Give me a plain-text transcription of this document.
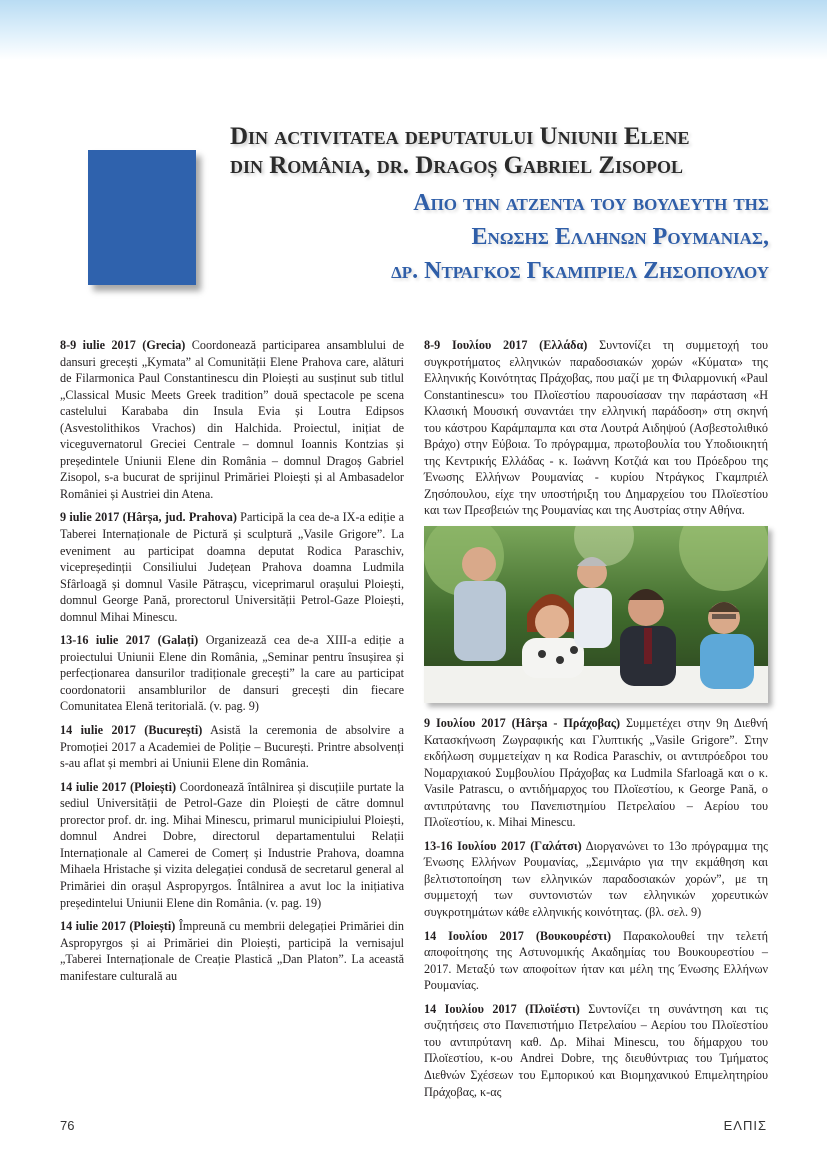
Din activitatea deputatului Uniunii Elene
din România, dr. Dragoș Gabriel Zisopol
Απο την ατζεντα του βουλευτη της
Ενωσης Ελληνων Ρουμανιας,
δρ. Ντραγκος Γκαμπριελ Ζησοπουλου

8-9 iulie 2017 (Grecia) Coordonează participarea ansamblului de dansuri grecești „Kymata” al Comunității Elene Prahova care, alături de Filarmonica Paul Constantinescu din Ploiești au susținut sub titlul „Classical Music Meets Greek tradition” două spectacole pe scena castelului Karababa din Insula Evia și Loutra Edipsos (Asvestolithikos Vrachos) din Halchida. Proiectul, inițiat de viceguvernatorul Greciei Centrale – domnul Ioannis Kontzias și președintele Uniunii Elene din România – domnul Dragoș Gabriel Zisopol, s-a bucurat de sprijinul Primăriei Ploiești și al Ambasadelor României și Austriei din Atena.

9 iulie 2017 (Hârșa, jud. Prahova) Participă la cea de-a IX-a ediție a Taberei Internaționale de Pictură și sculptură „Vasile Grigore”. La eveniment au participat doamna deputat Rodica Paraschiv, vicepreședinții Consiliului Județean Prahova doamna Ludmila Sfârloagă și domnul Vasile Pătrașcu, viceprimarul orașului Ploiești, domnul George Pană, prorectorul Universității Petrol-Gaze Ploiești, domnul Mihai Minescu.

13-16 iulie 2017 (Galați) Organizează cea de-a XIII-a ediție a proiectului Uniunii Elene din România, „Seminar pentru însușirea și perfecționarea dansurilor tradiționale grecești” la care au participat coordonatorii ansamblurilor de dansuri grecești din fiecare Comunitatea Elenă teritorială. (v. pag. 9)

14 iulie 2017 (București) Asistă la ceremonia de absolvire a Promoției 2017 a Academiei de Poliție – București. Printre absolvenți s-au aflat și membri ai Uniunii Elene din România.

14 iulie 2017 (Ploiești) Coordonează întâlnirea și discuțiile purtate la sediul Universității de Petrol-Gaze din Ploiești de către domnul prorector prof. dr. ing. Mihai Minescu, primarul municipiului Ploiești, domnul Andrei Dobre, directorul departamentului Relații Internaționale al Camerei de Comerț și Industrie Prahova, doamna Mihaela Hristache și vizita delegației condusă de secretarul general al Primăriei din orașul Aspropyrgos. Întâlnirea a avut loc la inițiativa președintelui Uniunii Elene din România. (v. pag. 19)

14 iulie 2017 (Ploiești) Împreună cu membrii delegației Primăriei din Aspropyrgos și ai Primăriei din Ploiești, participă la vernisajul „Taberei Internaționale de Creație Plastică „Dan Platon”. La această manifestare culturală au

8-9 Ιουλίου 2017 (Ελλάδα) Συντονίζει τη συμμετοχή του συγκροτήματος ελληνικών παραδοσιακών χορών «Κύματα» της Ελληνικής Κοινότητας Πράχοβας, που μαζί με τη Φιλαρμονική «Paul Constantinescu» του Πλοϊεστίου παρουσίασαν την παράσταση «Η Κλασική Μουσική συναντάει την ελληνική παράδοση» στη σκηνή του κάστρου Καράμπαμπα και στα Λουτρά Αιδηψού (Ασβεστολιθικό Βράχο) στην Εύβοια. Το πρόγραμμα, πρωτοβουλία του Υποδιοικητή της Κεντρικής Ελλάδας - κ. Ιωάννη Κοτζιά και του Πρόεδρου της Ένωσης Ελλήνων Ρουμανίας - κυρίου Ντράγκος Γκαμπριέλ Ζησόπουλου, είχε την υποστήριξη του Δημαρχείου του Πλοϊεστίου και των Πρεσβειών της Ρουμανίας και της Αυστρίας στην Αθήνα.

9 Ιουλίου 2017 (Hârșa - Πράχοβας) Συμμετέχει στην 9η Διεθνή Κατασκήνωση Ζωγραφικής και Γλυπτικής „Vasile Grigore”. Στην εκδήλωση συμμετείχαν η κα Rodica Paraschiv, οι αντιπρόεδροι του Νομαρχιακού Συμβουλίου Πράχοβας κα Ludmila Sfarloagă και ο κ. Vasile Patrascu, ο αντιδήμαρχος του Πλοϊεστίου, κ George Pană, ο αντιπρύτανης του Πανεπιστημίου Πετρελαίου – Αερίου του Πλοϊεστίου, κ. Mihai Minescu.

13-16 Ιουλίου 2017 (Γαλάτσι) Διοργανώνει το 13ο πρόγραμμα της Ένωσης Ελλήνων Ρουμανίας, „Σεμινάριο για την εκμάθηση και βελτιστοποίηση των ελληνικών παραδοσιακών χορών”, με τη συμμετοχή των συντονιστών των ελληνικών χορευτικών συγκροτημάτων κάθε ελληνικής κοινότητας. (βλ. σελ. 9)

14 Ιουλίου 2017 (Βουκουρέστι) Παρακολουθεί την τελετή αποφοίτησης της Αστυνομικής Ακαδημίας του Βουκουρεστίου – 2017. Μεταξύ των αποφοίτων ήταν και μέλη της Ένωσης Ελλήνων Ρουμανίας.

14 Ιουλίου 2017 (Πλοϊέστι) Συντονίζει τη συνάντηση και τις συζητήσεις στο Πανεπιστήμιο Πετρελαίου – Αερίου του Πλοϊεστίου του αντιπρύτανη καθ. Δρ. Mihai Minescu, του δήμαρχου του Πλοϊεστίου, κ-ου Andrei Dobre, της διευθύντριας του Τμήματος Διεθνών Σχέσεων του Εμπορικού και Βιομηχανικού Επιμελητηρίου Πράχοβας, κ-ας

76	ΕΛΠΙΣ
